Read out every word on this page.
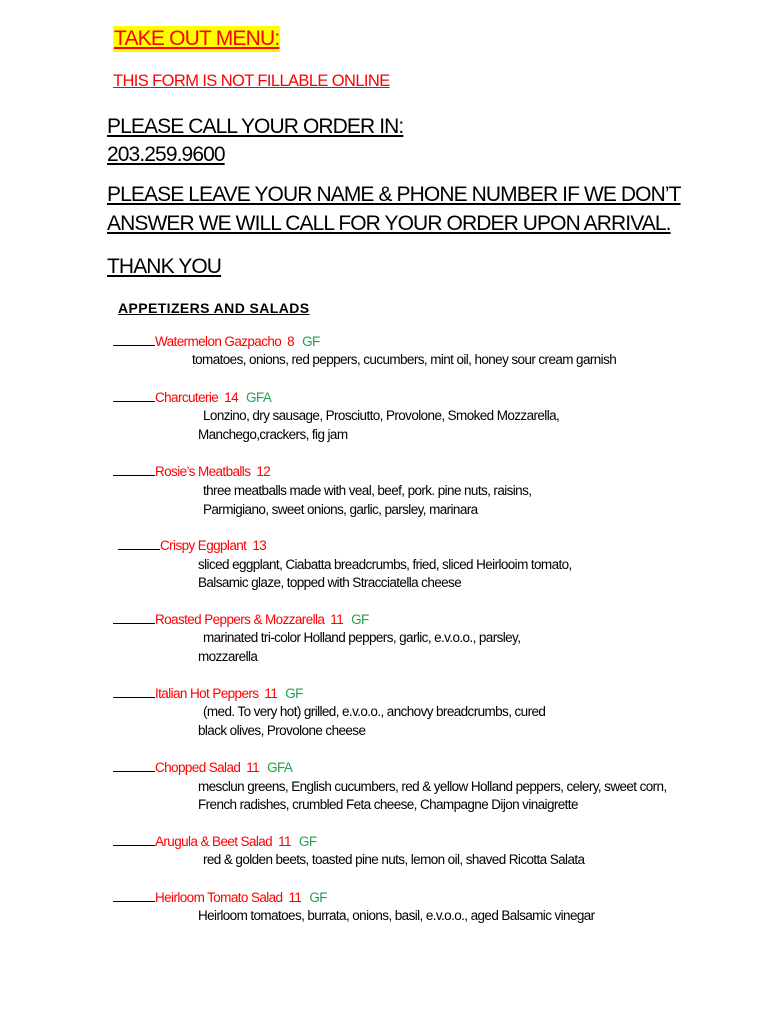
TAKE OUT MENU:
THIS FORM IS NOT FILLABLE ONLINE
PLEASE CALL YOUR ORDER IN:
203.259.9600
PLEASE LEAVE YOUR NAME & PHONE NUMBER IF WE DON’T ANSWER WE WILL CALL FOR YOUR ORDER UPON ARRIVAL.
THANK YOU
APPETIZERS AND SALADS
Watermelon Gazpacho 8 GF
tomatoes, onions, red peppers, cucumbers, mint oil, honey sour cream garnish
Charcuterie 14 GFA
Lonzino, dry sausage, Prosciutto, Provolone, Smoked Mozzarella,
Manchego,crackers, fig jam
Rosie’s Meatballs 12
three meatballs made with veal, beef, pork. pine nuts, raisins,
Parmigiano, sweet onions, garlic, parsley, marinara
Crispy Eggplant 13
sliced eggplant, Ciabatta breadcrumbs, fried, sliced Heirlooim tomato,
Balsamic glaze, topped with Stracciatella cheese
Roasted Peppers & Mozzarella 11 GF
marinated tri-color Holland peppers, garlic, e.v.o.o., parsley,
mozzarella
Italian Hot Peppers 11 GF
(med. To very hot) grilled, e.v.o.o., anchovy breadcrumbs, cured
black olives, Provolone cheese
Chopped Salad 11 GFA
mesclun greens, English cucumbers, red & yellow Holland peppers, celery, sweet corn,
French radishes, crumbled Feta cheese, Champagne Dijon vinaigrette
Arugula & Beet Salad 11 GF
red & golden beets, toasted pine nuts, lemon oil, shaved Ricotta Salata
Heirloom Tomato Salad 11 GF
Heirloom tomatoes, burrata, onions, basil, e.v.o.o., aged Balsamic vinegar
